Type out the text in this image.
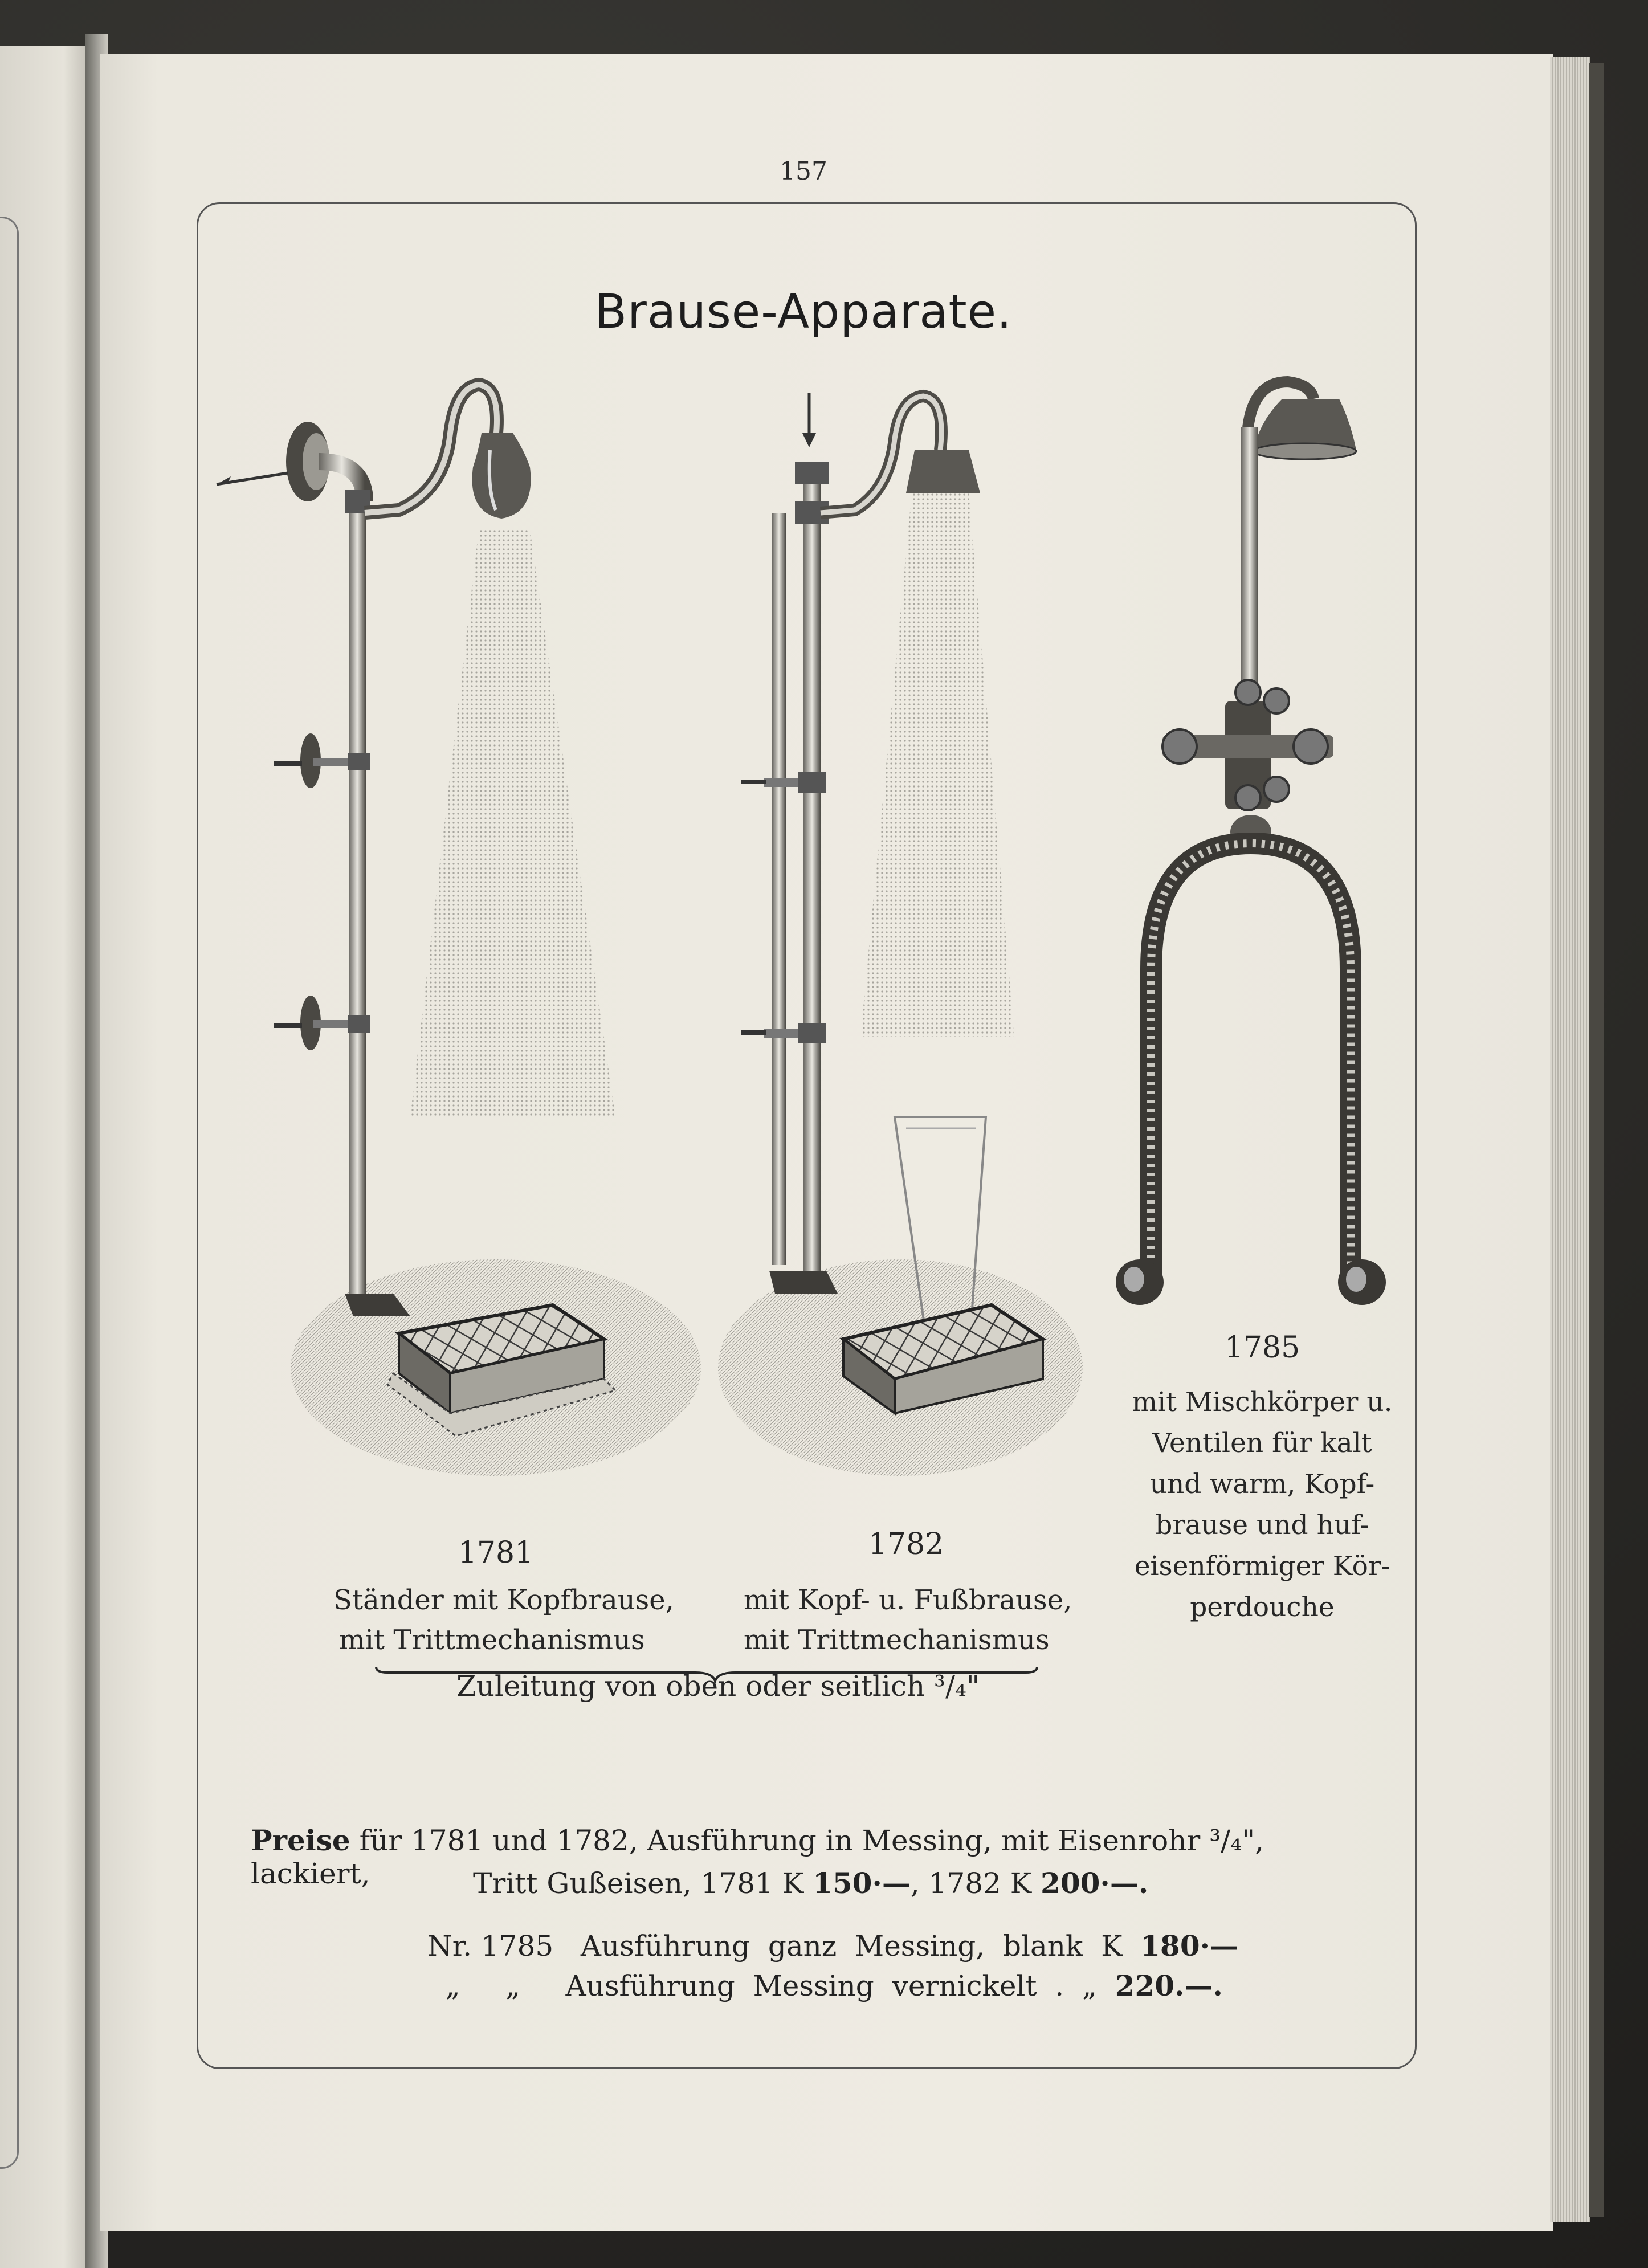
157
Brause-Apparate.
1781
Ständer mit Kopfbrause,
mit Trittmechanismus
1782
mit Kopf- u. Fußbrause,
mit Trittmechanismus
1785
mit Mischkörper u.
Ventilen für kalt
und warm, Kopf-
brause und huf-
eisenförmiger Kör-
perdouche
Zuleitung von oben oder seitlich ³/₄"
Preise für 1781 und 1782, Ausführung in Messing, mit Eisenrohr ³/₄", lackiert,	Tritt Gußeisen, 1781 K 150·—, 1782 K 200·—.
Nr. 1785   Ausführung  ganz  Messing,  blank  K  180·—
„     „     Ausführung  Messing  vernickelt  .  „  220.—.
